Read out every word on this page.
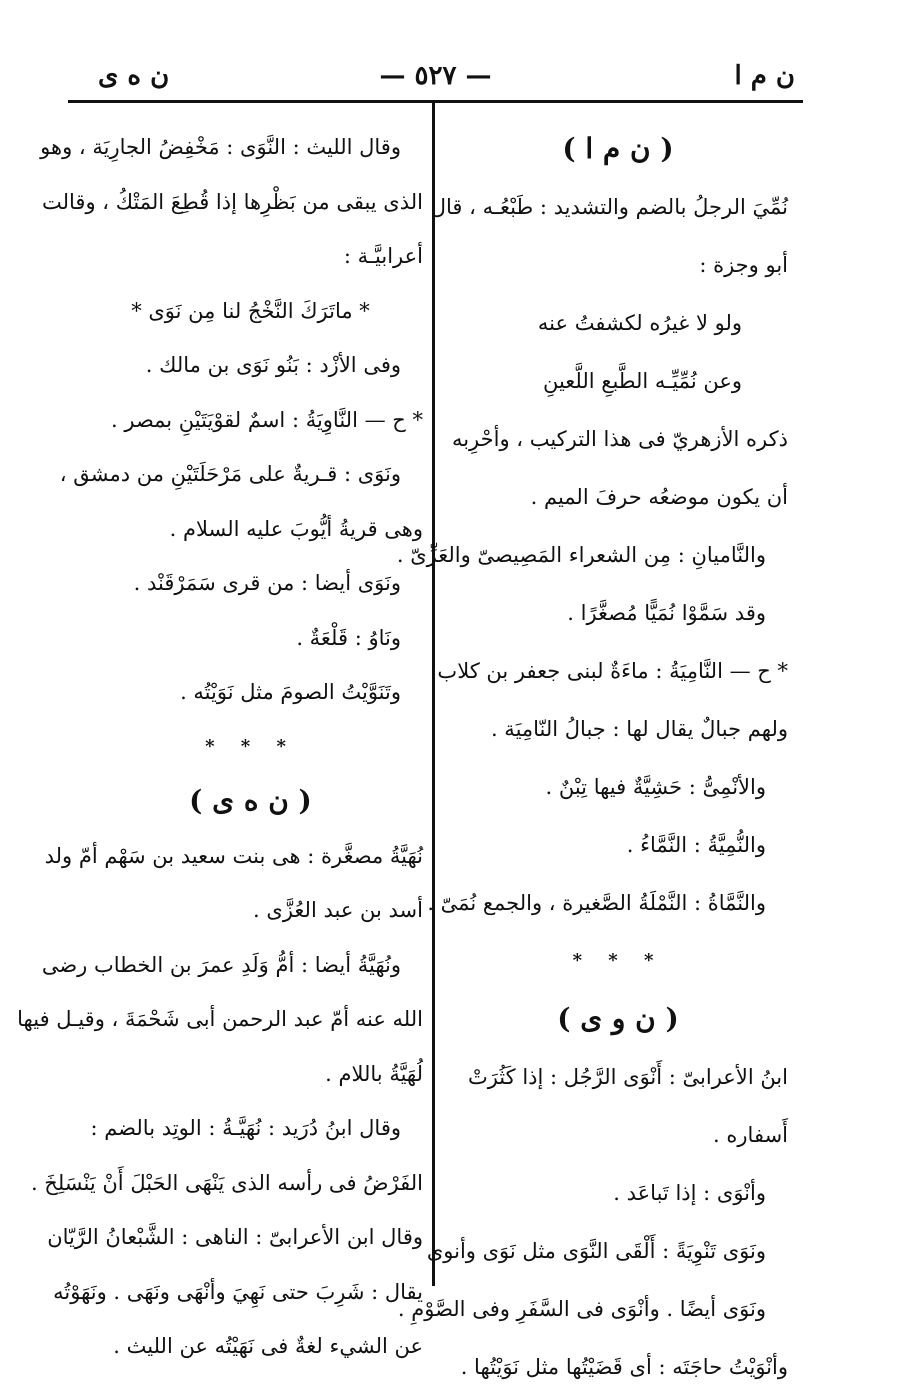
ن م ا
— ٥٢٧ —
ن ه ى
( ن م ا )
نُمِّيَ الرجلُ بالضم والتشديد : طَبْعُـه ، قال
أبو وجزة :
ولو لا غيرُه لكشفتُ عنه
وعن نُمِّيِّـه الطَّبعِ اللَّعينِ
ذكره الأزهريّ فى هذا التركيب ، وأحْرِبه
أن يكون موضعُه حرفَ الميم .
والنَّاميانِ : مِن الشعراء المَصِيصىّ والعَزِّىّ .
وقد سَمَّوْا نُمَيًّا مُصغَّرًا .
* ح — النَّامِيَةُ : ماءَةٌ لبنى جعفر بن كلاب
ولهم جبالٌ يقال لها : جبالُ النّامِيَة .
والأنْمِىُّ : حَشِيَّةٌ فيها تِبْنٌ .
والنُّمِيَّةُ : النَّمَّاءُ .
والنَّمَّاةُ : النَّمْلَةُ الصَّغيرة ، والجمع نُمَىّ .
* * *
( ن و ى )
ابنُ الأعرابىّ : أَنْوَى الرَّجُل : إذا كَثُرَتْ
أَسفاره .
وأنْوَى : إذا تَباعَد .
ونَوَى تَنْوِيَةً : أَلْقَى النَّوَى مثل نَوَى وأنوى
ونَوَى أيضًا . وأنْوَى فى السَّفَرِ وفى الصَّوْمِ .
وأنْوَيْتُ حاجَتَه : أى قَضَيْتُها مثل نَوَيْتُها .
وقال الليث : النَّوَى : مَخْفِضُ الجارِيَة ، وهو
الذى يبقى من بَظْرِها إذا قُطِعَ المَتْكُ ، وقالت
أعرابيَّـة :
* ماتَرَكَ النَّخْجُ لنا مِن نَوَى *
وفى الأزْد : بَنُو نَوَى بن مالك .
* ح — النَّاوِيَةُ : اسمٌ لقوْيَتَيْنِ بمصر .
ونَوَى : قـريةٌ على مَرْحَلَتَيْنِ من دمشق ،
وهى قريةُ أيُّوبَ عليه السلام .
ونَوَى أيضا : من قرى سَمَرْقَنْد .
ونَاوُ : قَلْعَةٌ .
وتَنَوَّيْتُ الصومَ مثل نَوَيْتُه .
* * *
( ن ه ى )
نُهَيَّةُ مصغَّرة : هى بنت سعيد بن سَهْم أمّ ولد
أسد بن عبد العُزَّى .
ونُهَيَّةُ أيضا : أمُّ وَلَدِ عمرَ بن الخطاب رضى
الله عنه أمّ عبد الرحمن أبى شَحْمَةَ ، وقيـل فيها
لُهَيَّةُ باللام .
وقال ابنُ دُرَيد : نُهَيَّـةُ : الوتِد بالضم :
الفَرْضُ فى رأسه الذى يَنْهَى الحَبْلَ أَنْ يَنْسَلِخَ .
وقال ابن الأعرابىّ : الناهى : الشَّبْعانُ الرَّيّان
يقال : شَرِبَ حتى نَهِيَ وأنْهَى ونَهَى . ونَهَوْتُه
عن الشيء لغةٌ فى نَهَيْتُه عن الليث .
